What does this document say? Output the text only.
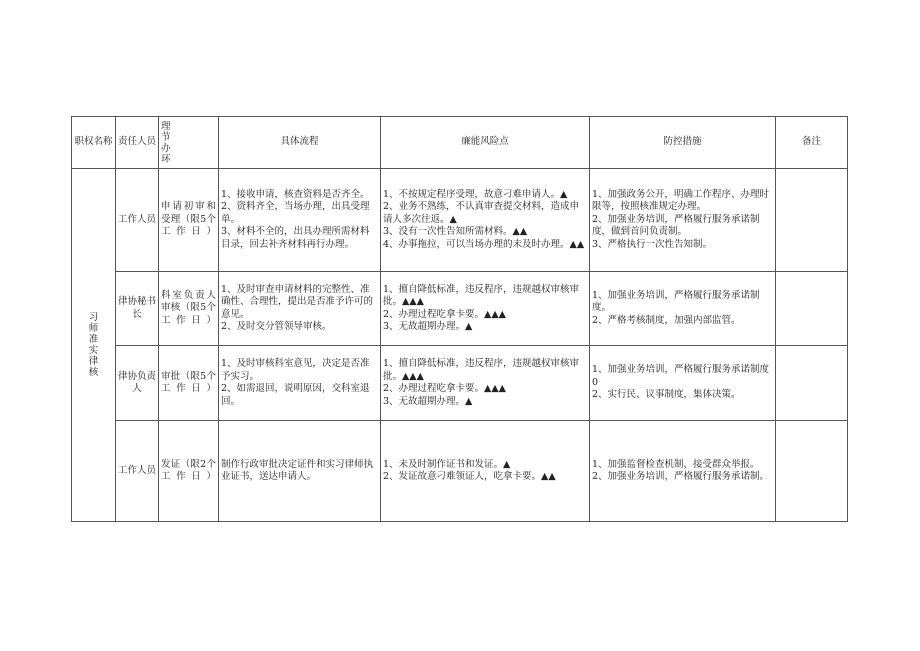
职权名称	责任人员	理节办环	具体流程	廉能风险点	防控措施	备注

习师准实律核	工作人员	申请初审和受理（限5个工作日）	1、接收申请，核查资料是否齐全。
2、资料齐全，当场办理，出具受理单。
3、材料不全的，出具办理所需材料目录，回去补齐材料再行办理。	1、不按规定程序受理，故意刁难申请人。▲
2、业务不熟练，不认真审查提交材料，造成申请人多次往返。▲
3、没有一次性告知所需材料。▲▲
4、办事拖拉，可以当场办理的未及时办理。▲▲	1、加强政务公开，明确工作程序、办理时限等，按照核准规定办理。
2、加强业务培训，严格履行服务承诺制度，做到首问负责制。
3、严格执行一次性告知制。	

	律协秘书长	科室负责人审核（限5个工作日）	1、及时审查申请材料的完整性、准确性、合理性，提出是否准予许可的意见。
2、及时交分管领导审核。	1、擅自降低标准，违反程序，违规越权审核审批。▲▲▲
2、办理过程吃拿卡要。▲▲▲
3、无故超期办理。▲	1、加强业务培训，严格履行服务承诺制度。
2、严格考核制度，加强内部监管。	

	律协负责人	审批（限5个工作日）	1、及时审核科室意见，决定是否准予实习。
2、如需退回，说明原因，交科室退回。	1、擅自降低标准，违反程序，违规越权审核审批。▲▲▲
2、办理过程吃拿卡要。▲▲▲
3、无故超期办理。▲	1、加强业务培训，严格履行服务承诺制度0
2、实行民、议事制度，集体决策。	

	工作人员	发证（限2个工作日）	制作行政审批决定证件和实习律师执业证书，送达申请人。	1、未及时制作证书和发证。▲
2、发证故意刁难领证人，吃拿卡要。▲▲	1、加强监督检查机制，接受群众举报。
2、加强业务培训，严格履行服务承诺制。	
